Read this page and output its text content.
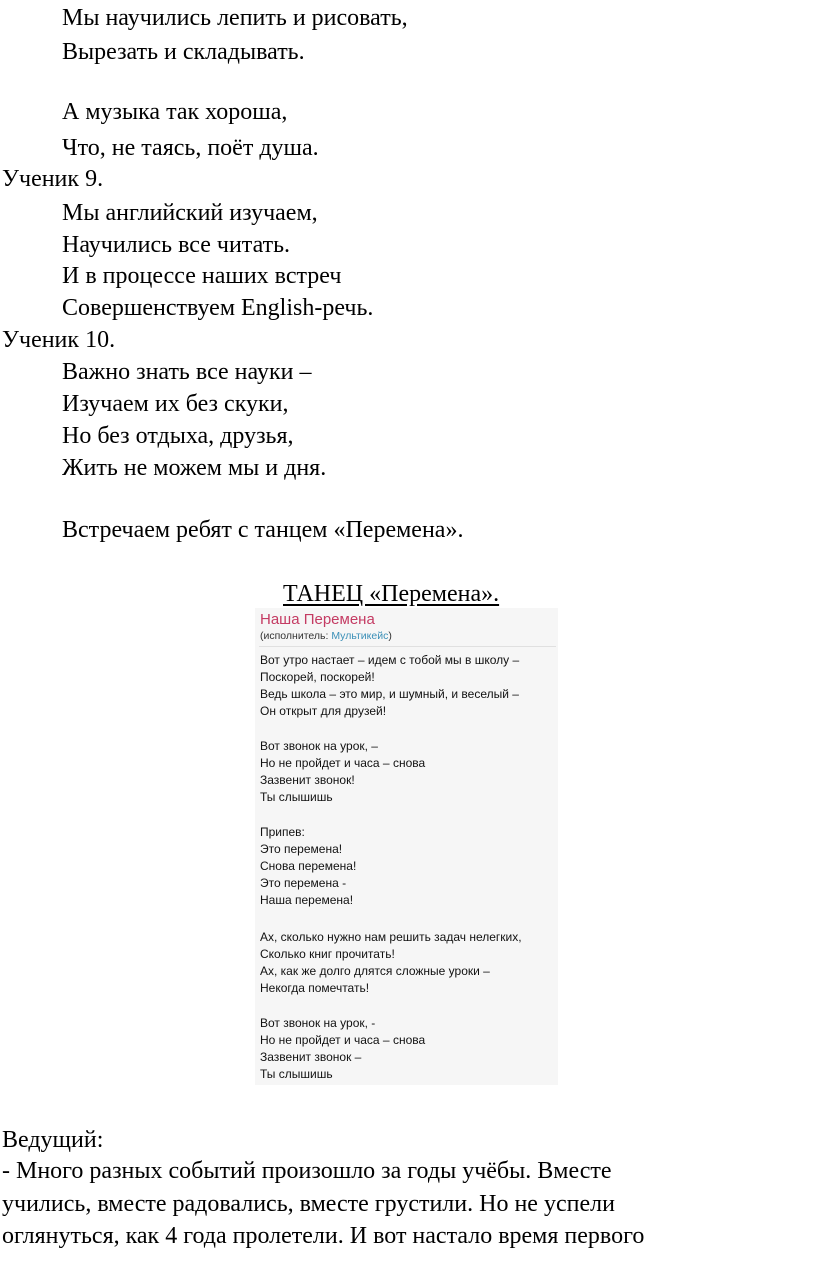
Мы научились лепить и рисовать,
Вырезать и складывать.
А музыка так хороша,
Что, не таясь, поёт душа.
Ученик 9.
Мы английский изучаем,
Научились все читать.
И в процессе наших встреч
Совершенствуем English-речь.
Ученик 10.
Важно знать все науки –
Изучаем их без скуки,
Но без отдыха, друзья,
Жить не можем мы и дня.
Встречаем ребят с танцем «Перемена».
ТАНЕЦ «Перемена».
Наша Перемена
(исполнитель: Мультикейс)
Вот утро настает – идем с тобой мы в школу –
Поскорей, поскорей!
Ведь школа – это мир, и шумный, и веселый –
Он открыт для друзей!
Вот звонок на урок, –
Но не пройдет и часа – снова
Зазвенит звонок!
Ты слышишь
Припев:
Это перемена!
Снова перемена!
Это перемена -
Наша перемена!
Ах, сколько нужно нам решить задач нелегких,
Сколько книг прочитать!
Ах, как же долго длятся сложные уроки –
Некогда помечтать!
Вот звонок на урок, -
Но не пройдет и часа – снова
Зазвенит звонок –
Ты слышишь
Ведущий:
- Много разных событий произошло за годы учёбы. Вместе
учились, вместе радовались, вместе грустили. Но не успели
оглянуться, как 4 года пролетели. И вот настало время первого
